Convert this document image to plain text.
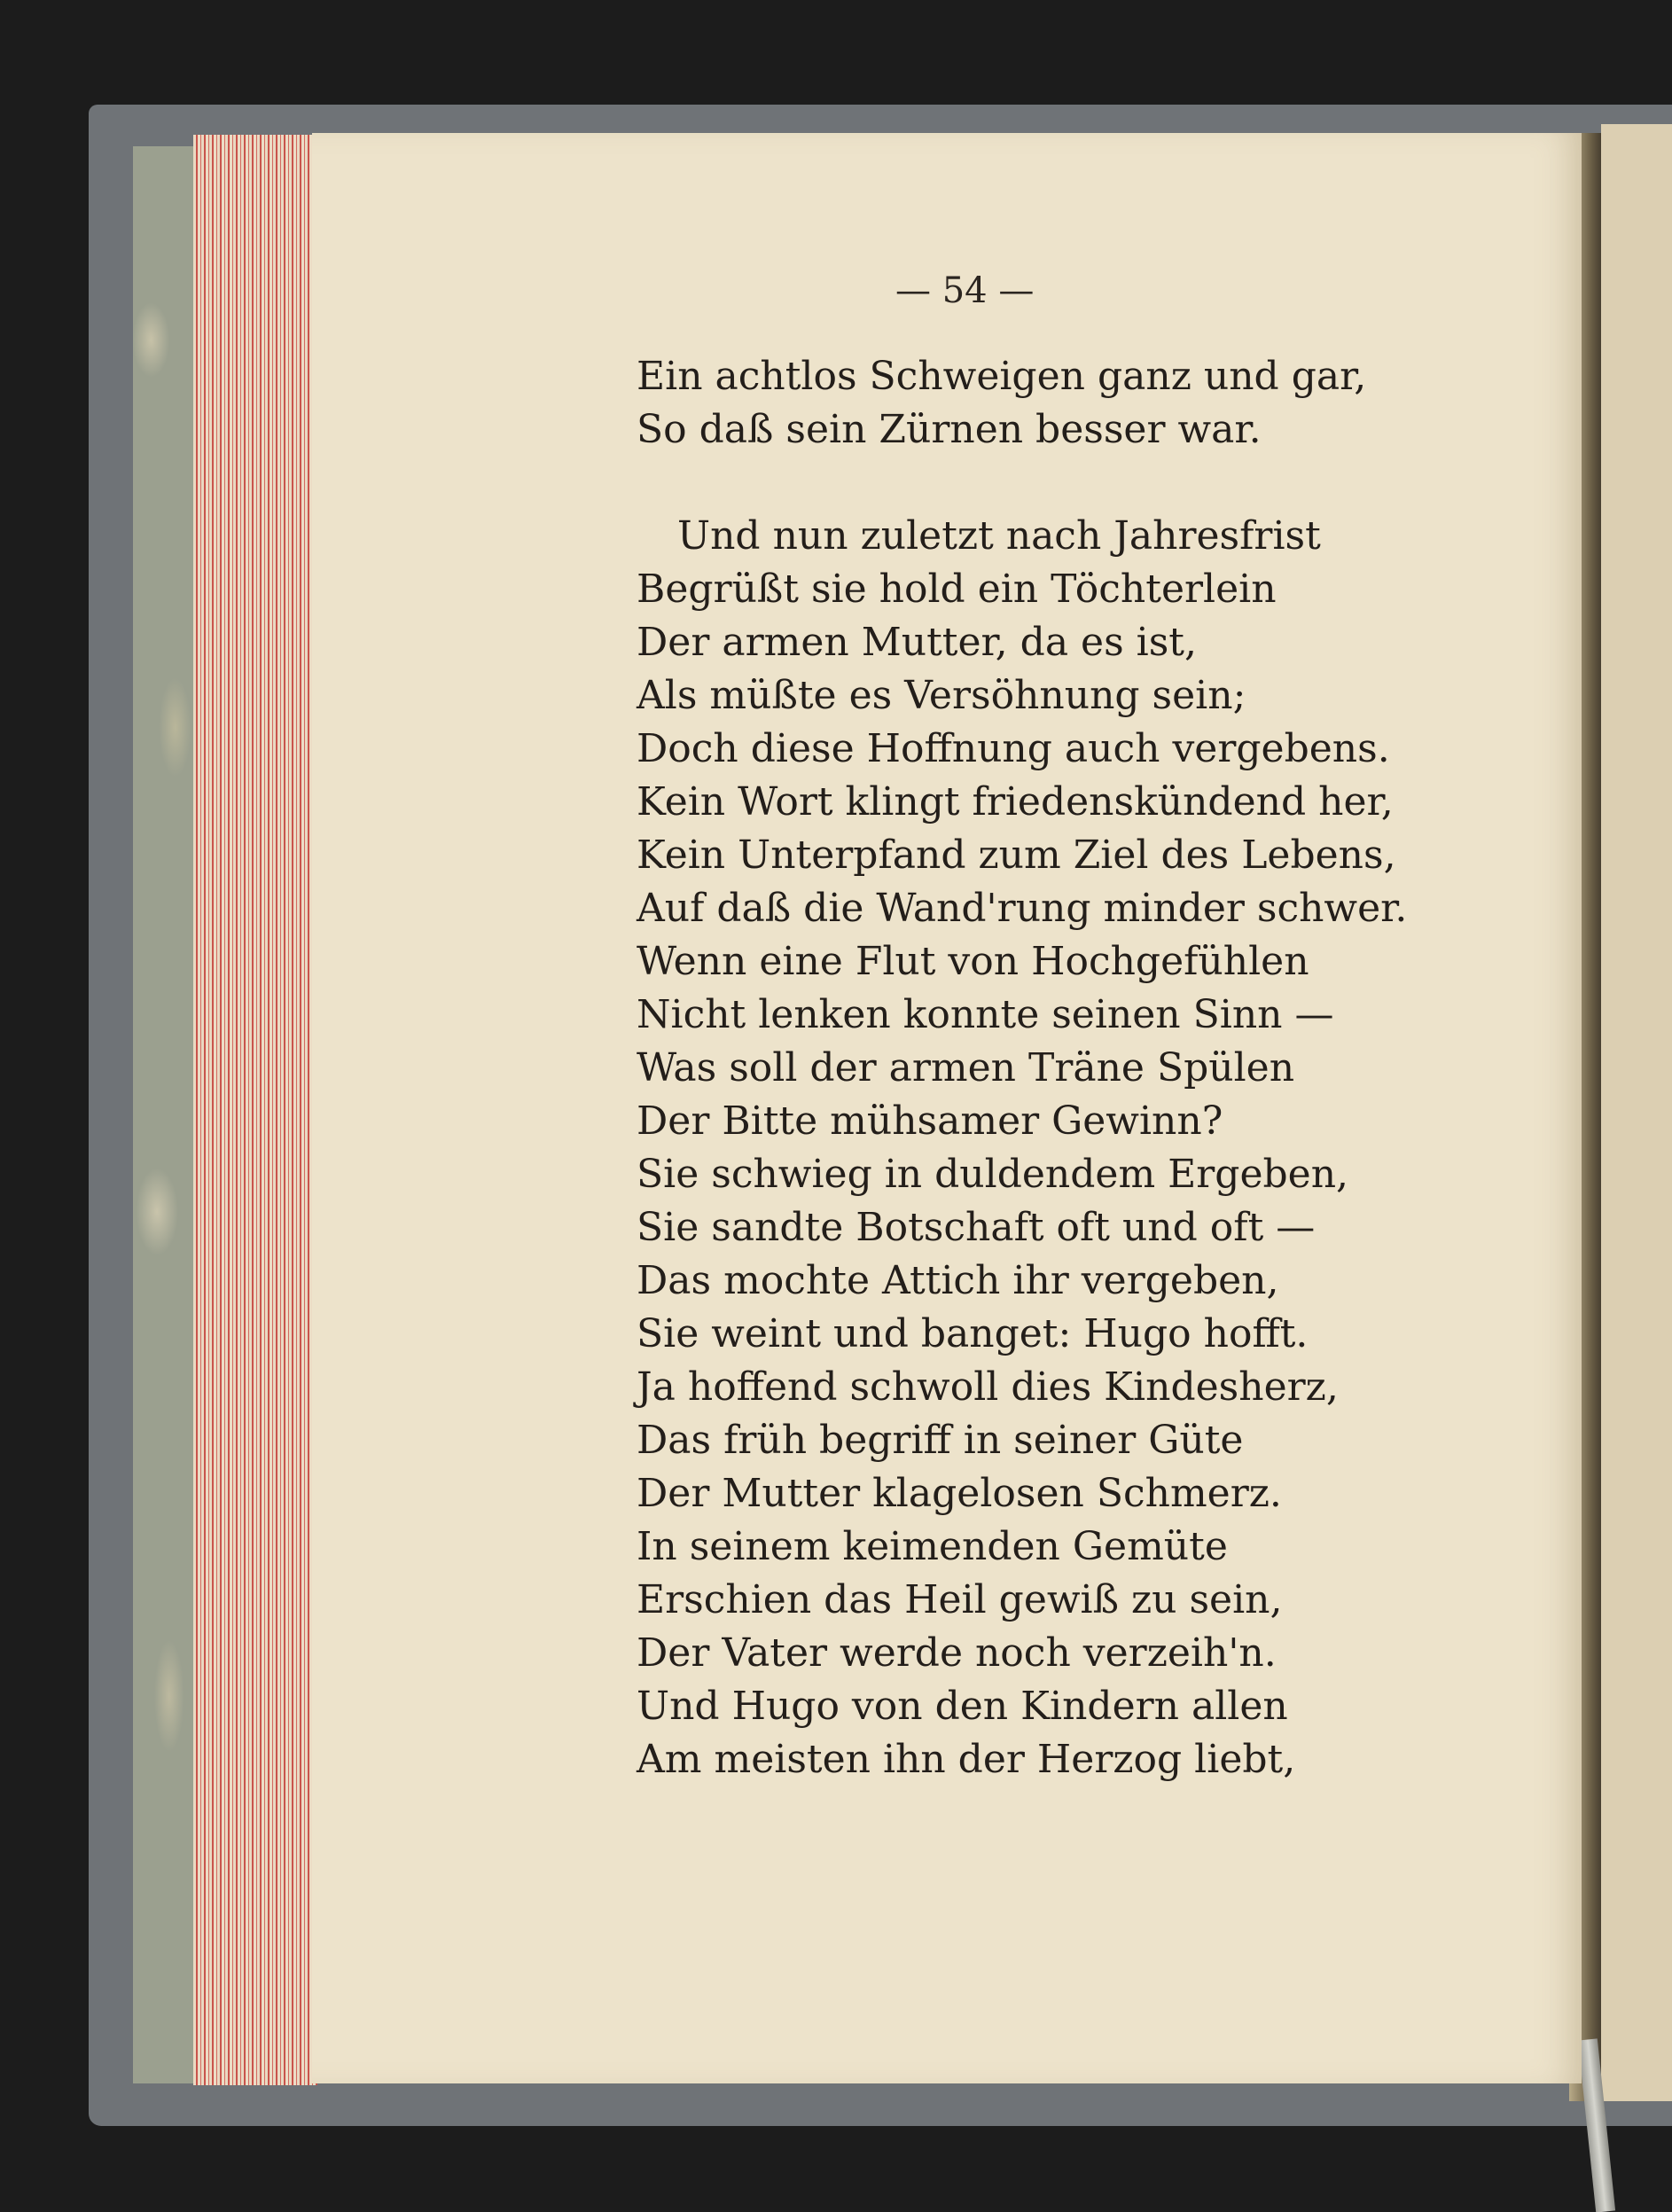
— 54 —
Ein achtlos Schweigen ganz und gar,
So daß sein Zürnen besser war.
Und nun zuletzt nach Jahresfrist
Begrüßt sie hold ein Töchterlein
Der armen Mutter, da es ist,
Als müßte es Versöhnung sein;
Doch diese Hoffnung auch vergebens.
Kein Wort klingt friedenskündend her,
Kein Unterpfand zum Ziel des Lebens,
Auf daß die Wand'rung minder schwer.
Wenn eine Flut von Hochgefühlen
Nicht lenken konnte seinen Sinn —
Was soll der armen Träne Spülen
Der Bitte mühsamer Gewinn?
Sie schwieg in duldendem Ergeben,
Sie sandte Botschaft oft und oft —
Das mochte Attich ihr vergeben,
Sie weint und banget: Hugo hofft.
Ja hoffend schwoll dies Kindesherz,
Das früh begriff in seiner Güte
Der Mutter klagelosen Schmerz.
In seinem keimenden Gemüte
Erschien das Heil gewiß zu sein,
Der Vater werde noch verzeih'n.
Und Hugo von den Kindern allen
Am meisten ihn der Herzog liebt,
